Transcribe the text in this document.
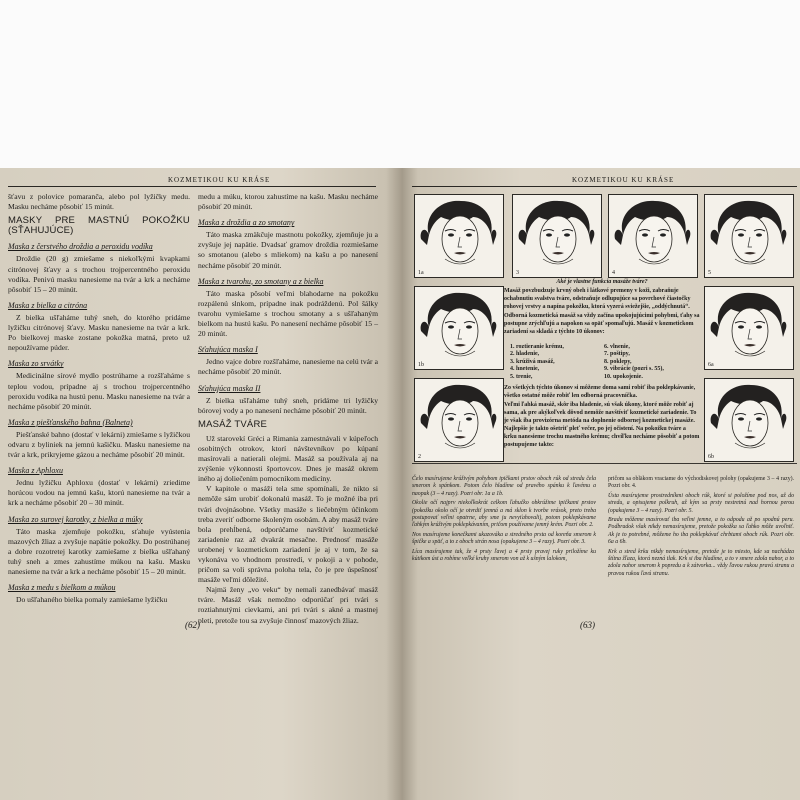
KOZMETIKOU KU KRÁSE

šťavu z polovice pomaranča, alebo pol lyžičky medu. Masku necháme pôsobiť 15 minút.

MASKY PRE MASTNÚ POKOŽKU (SŤAHUJÚCE)
Maska z čerstvého droždia a peroxidu vodíka

Droždie (20 g) zmiešame s niekoľkými kvapkami citrónovej šťavy a s trochou trojpercentného peroxidu vodíka. Penivú masku nanesieme na tvár a krk a necháme pôsobiť 15 – 20 minút.

Maska z bielka a citróna

Z bielka ušľaháme tuhý sneh, do ktorého pridáme lyžičku citrónovej šťavy. Masku nanesieme na tvár a krk. Po bielkovej maske zostane pokožka matná, preto už nepoužívame púder.

Maska zo srvátky

Medicinálne sírové mydlo postrúhame a rozšľaháme s teplou vodou, prípadne aj s trochou trojpercentného peroxidu vodíka na hustú penu. Masku nanesieme na tvár a necháme pôsobiť 20 minút.

Maska z piešťanského bahna (Balneta)

Piešťanské bahno (dostať v lekárni) zmiešame s lyžičkou odvaru z byliniek na jemnú kašičku. Masku nanesieme na tvár a krk, prikryjeme gázou a necháme pôsobiť 20 minút.

Maska z Aphloxu

Jednu lyžičku Aphloxu (dostať v lekárni) zriedime horúcou vodou na jemnú kašu, ktorú nanesieme na tvár a krk a necháme pôsobiť 20 – 30 minút.

Maska zo surovej karotky, z bielka a múky

Táto maska zjemňuje pokožku, sťahuje vyústenia mazových žliaz a zvyšuje napätie pokožky. Do postrúhanej a dobre rozotretej karotky zamiešame z bielka ušľahaný tuhý sneh a zmes zahustíme múkou na kašu. Masku nanesieme na tvár a krk a necháme pôsobiť 15 – 20 minút.

Maska z medu s bielkom a múkou

Do ušľahaného bielka pomaly zamiešame lyžičku

medu a múku, ktorou zahustíme na kašu. Masku necháme pôsobiť 20 minút.

Maska z droždia a zo smotany

Táto maska zmäkčuje mastnotu pokožky, zjemňuje ju a zvyšuje jej napätie. Dvadsať gramov droždia rozmiešame so smotanou (alebo s mliekom) na kašu a po nanesení necháme pôsobiť 20 minút.

Maska z tvarohu, zo smotany a z bielka

Táto maska pôsobí veľmi blahodarne na pokožku rozpálenú slnkom, prípadne inak podráždenú. Pol šálky tvarohu vymiešame s trochou smotany a s ušľahaným bielkom na hustú kašu. Po nanesení necháme pôsobiť 15 – 20 minút.

Sťahujúca maska I

Jedno vajce dobre rozšľaháme, nanesieme na celú tvár a necháme pôsobiť 20 minút.

Sťahujúca maska II

Z bielka ušľaháme tuhý sneh, pridáme tri lyžičky bórovej vody a po nanesení necháme pôsobiť 20 minút.

MASÁŽ TVÁRE

Už starovekí Gréci a Rimania zamestnávali v kúpeľoch osobitných otrokov, ktorí návštevníkov po kúpaní masírovali a natierali olejmi. Masáž sa používala aj na zvýšenie výkonnosti športovcov. Dnes je masáž okrem iného aj doliečením pomocníkom medicíny.

V kapitole o masáži tela sme spomínali, že niktо si nemôže sám urobiť dokonalú masáž. To je možné iba pri tvári dvojnásobne. Všetky masáže s liečebným účinkom treba zveriť odborne školeným osobám. A aby masáž tváre bola prehĺbená, odporúčame navštíviť kozmetické zariadenie raz až dvakrát mesačne. Prednosť masáže urobenej v kozmetickom zariadení je aj v tom, že sa vykonáva vo vhodnom prostredí, v pokoji a v pohode, pričom sa voli správna poloha tela, čo je pre úspešnosť masáže veľmi dôležité.

Najmä ženy „vo veku“ by nemali zanedbávať masáž tváre. Masáž však nemožno odporúčať pri tvári s roztiahnutými cievkami, ani pri tvári s akné a mastnej pleti, pretože tou sa zvyšuje činnosť mazových žliaz.

(62)
KOZMETIKOU KU KRÁSE
1a	3	4	5
1b	6a
2	6b

Aké je vlastne funkcia masáže tváre?

Masáž povzbudzuje krvný obeh i látkové premeny v koži, zabraňuje ochabnutiu svalstva tváre, odstraňuje odlupujúce sa povrchové čiastočky rohovej vrstvy a napína pokožku, ktorá vyzerá sviežejšie, „oddýchnutá“.

Odborná kozmetická masáž sa vždy začína upokojujúcimi pohybmi, ťahy sa postupne zrýchľujú a napokon sa opäť spomaľujú. Masáž v kozmetickom zariadení sa skladá z týchto 10 úkonov:

1. roztieranie krému,
2. hladenie,
3. krúživá masáž,
4. hnetenie,
5. trenie,
6. vlnenie,
7. poštipy,
8. poklepy,
9. vibrácie (pozri s. 55),
10. upokojenie.

Zo všetkých týchto úkonov si môžeme doma sami robiť iba poklepkávanie, všetko ostatné môže robiť len odborná pracovníčka.

Veľmi ľahká masáž, skôr iba hladenie, sú však úkony, ktoré môže robiť aj sama, ak pre akýkoľvek dôvod nemôže navštíviť kozmetické zariadenie. To je však iba provizórna metóda na doplnenie odbornej kozmetickej masáže. Najlepšie je takto ošetriť pleť večer, po jej očistení. Na pokožku tváre a krku nanesieme trochu mastného krému; chvíľku necháme pôsobiť a potom postupujeme takto:

Čelo masírujeme krúživým pohybom ipičkami prstov oboch rúk od stredu čela smerom k spánkom. Potom čelo hladíme od pravého spánku k ľavému a naopak (3 – 4 razy). Pozri obr. 1a a 1b.

Okolie očí najprv niekoľkokrát celkom ľahučko obkrúžime ipičkami prstov (pokožku okolo očí je otvrdiť jemná a má sklon k tvorbe vrások, preto treba postupovať veľmi opatrne, aby sme ju nevyťahovali), potom poklepkávame ľahkým krúživým poklepkávaním, pričom používame jemný krém. Pozri obr. 2.

Nos masírujeme konečkami ukazováka a stredného prsta od koreňa smerom k špičke a späť, a to z oboch strán nosa (opakujeme 3 – 4 razy). Pozri obr. 3.

Líca masírujeme tak, že 4 prsty ľavej a 4 prsty pravej ruky priložíme ku kútikom úst a robíme veľké kruhy smerom von až k ušným lalokom,

pričom sa obläkom vraciame do východiskovej polohy (opakujeme 3 – 4 razy). Pozri obr. 4.

Ústa masírujeme prostredníkmi oboch rúk, ktoré si položíme pod nos, až do stredu, a opisujeme polkruh, až kým sa prsty nestretnú nad hornou perou (opakujeme 3 – 4 razy). Pozri obr. 5.

Bradu môžeme masírovať iba veľmi jemne, a to odpodu až po spodnú peru. Podbradok však nikdy nemasírujeme, pretože pokožka sa ľahko môže uvoľniť. Ak je to potrebné, môžeme ho iba poklepkávať chrbtami oboch rúk. Pozri obr. 6a a 6b.

Krk a stred krku nikdy nemasírujeme, pretože je to miesto, kde sa nachádza štítna žľaza, ktorá nezná tlak. Krk si iba hladíme, a to v smere zdola nahor, a to zdola nahor smerom k popredu a k zátvorka... vždy ľavou rukou pravú stranu a pravou rukou ľavú stranu.

(63)
